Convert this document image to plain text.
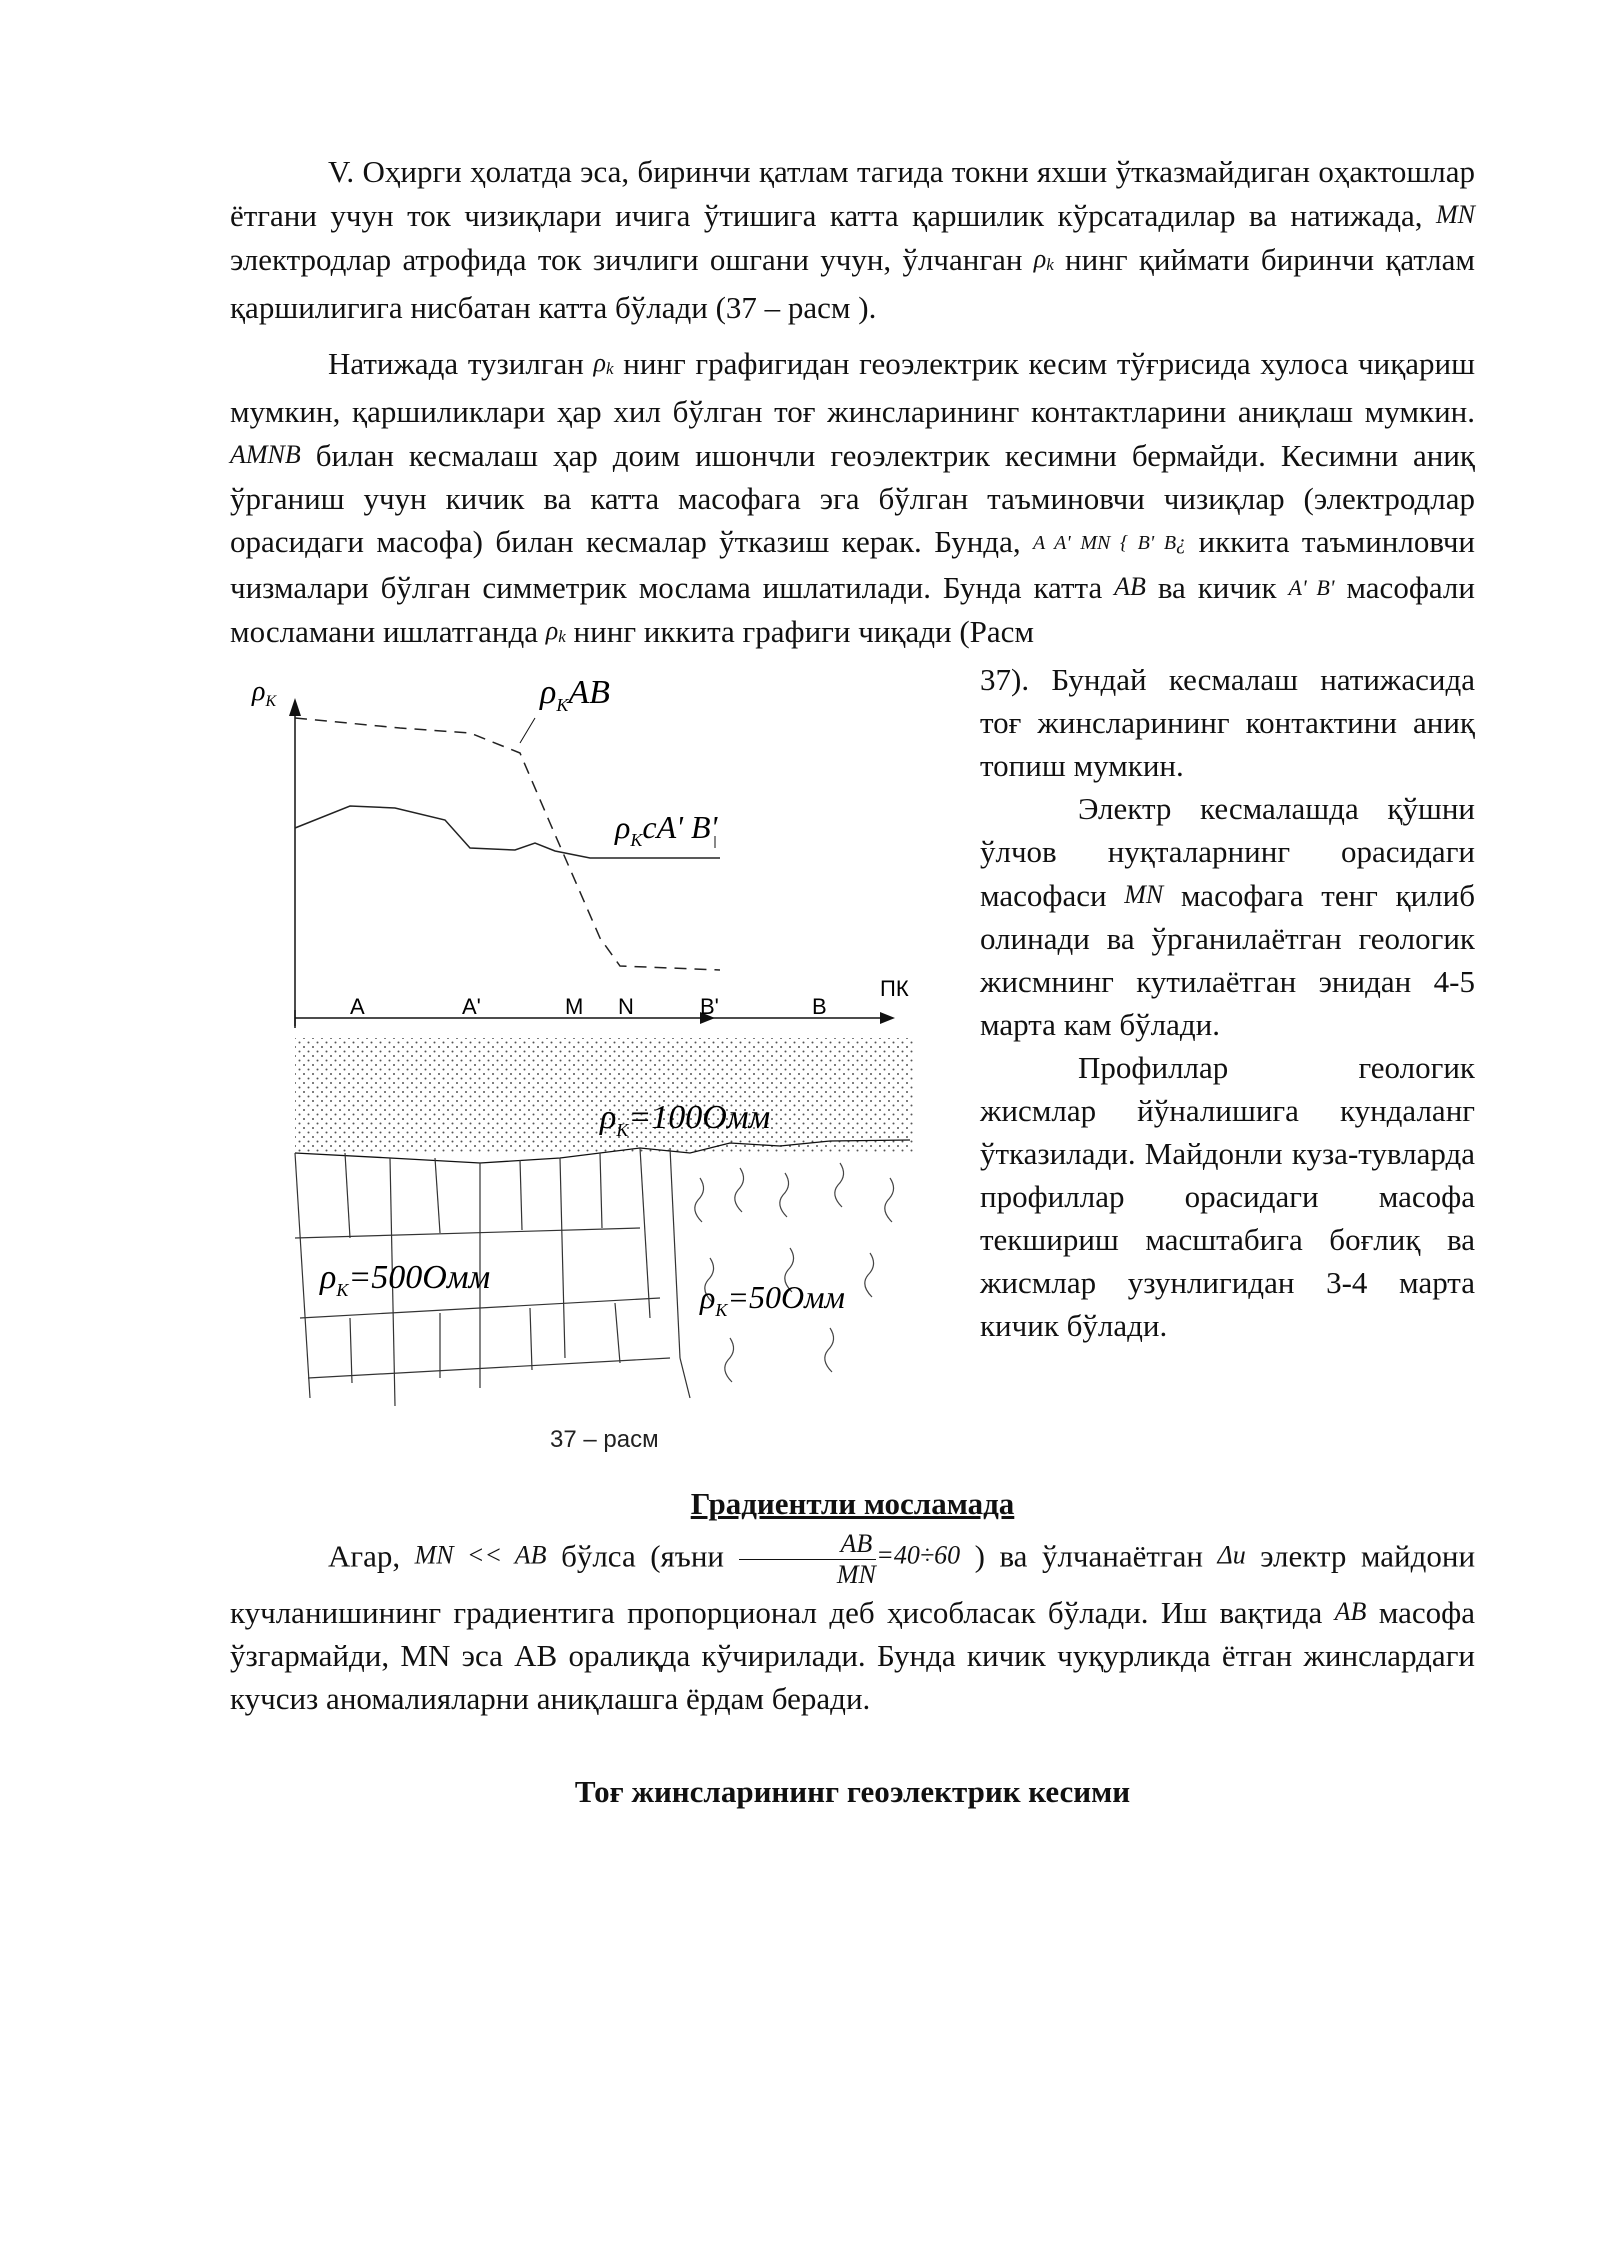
V. Оҳирги ҳолатда эса, биринчи қатлам тагида токни яхши ўтказмайдиган оҳактошлар ётгани учун ток чизиқлари ичига ўтишига катта қаршилик кўрсатадилар ва натижада, MN электродлар атрофида ток зичлиги ошгани учун, ўлчанган ρk нинг қиймати биринчи қатлам қаршилигига нисбатан катта бўлади (37 – расм ).

Натижада тузилган ρk нинг графигидан геоэлектрик кесим тўғрисида хулоса чиқариш мумкин, қаршиликлари ҳар хил бўлган тоғ жинсларининг контактларини аниқлаш мумкин. AMNB билан кесмалаш ҳар доим ишончли геоэлектрик кесимни бермайди. Кесимни аниқ ўрганиш учун кичик ва катта масофага эга бўлган таъминовчи чизиқлар (электродлар орасидаги масофа) билан кесмалар ўтказиш керак. Бунда, A A' MN { B' B¿ иккита таъминловчи чизмалари бўлган симметрик мослама ишлатилади. Бунда катта AB ва кичик A' B' масофали мосламани ишлатганда ρk нинг иккита графиги чиқади (Расм

$\rho_K$	$\rho_KAB$
$\rho_KcA'$ B'
A	A'	M N	B'	B
ПК
$\rho_K=100Омм$
$\rho_K=500Омм$
$\rho_K=50Омм$
37 – расм

37). Бундай кесмалаш натижасида тоғ жинсларининг контактини аниқ топиш мумкин.

Электр кесмалашда қўшни ўлчов нуқталарнинг орасидаги масофаси MN масофага тенг қилиб олинади ва ўрганилаётган геологик жисмнинг кутилаётган энидан 4-5 марта кам бўлади.

Профиллар геологик жисмлар йўналишига кундаланг ўтказилади. Майдонли куза-тувларда профиллар орасидаги масофа текшириш масштабига боғлиқ ва жисмлар узунлигидан 3-4 марта кичик бўлади.

Градиентли мосламада

Агар, MN << AB бўлса (яъни $\frac{AB}{MN} =40\div 60$ ) ва ўлчанаётган Δu электр майдони кучланишининг градиентига пропорционал деб ҳисобласак бўлади. Иш вақтида AB масофа ўзгармайди, MN эса AB оралиқда кўчирилади. Бунда кичик чуқурликда ётган жинслардаги кучсиз аномалияларни аниқлашга ёрдам беради.

Тоғ жинсларининг геоэлектрик кесими
